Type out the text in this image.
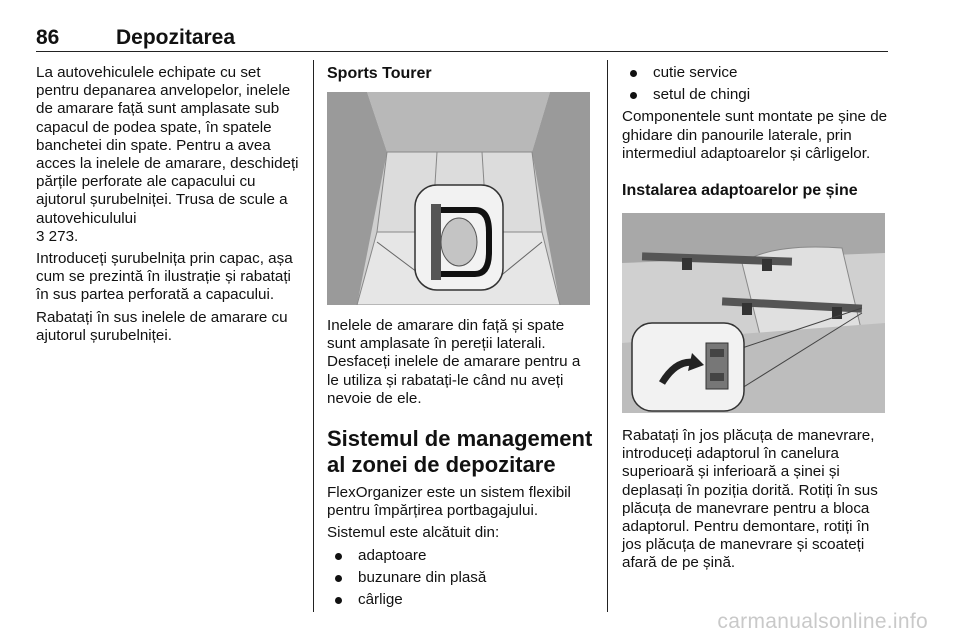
86	Depozitarea

La autovehiculele echipate cu set pentru depanarea anvelopelor, inelele de amarare față sunt amplasate sub capacul de podea spate, în spatele banchetei din spate. Pentru a avea acces la inelele de amarare, deschideți părțile perforate ale capacului cu ajutorul șurubelniței. Trusa de scule a autovehiculului
3 273.

Introduceți șurubelnița prin capac, așa cum se prezintă în ilustrație și rabatați în sus partea perforată a capacului.

Rabatați în sus inelele de amarare cu ajutorul șurubelniței.

Sports Tourer

Inelele de amarare din față și spate sunt amplasate în pereții laterali. Desfaceți inelele de amarare pentru a le utiliza și rabatați-le când nu aveți nevoie de ele.

Sistemul de management al zonei de depozitare

FlexOrganizer este un sistem flexibil pentru împărțirea portbagajului.

Sistemul este alcătuit din:

adaptoare
buzunare din plasă
cârlige
cutie service
setul de chingi

Componentele sunt montate pe șine de ghidare din panourile laterale, prin intermediul adaptoarelor și cârligelor.

Instalarea adaptoarelor pe șine

Rabatați în jos plăcuța de manevrare, introduceți adaptorul în canelura superioară și inferioară a șinei și deplasați în poziția dorită. Rotiți în sus plăcuța de manevrare pentru a bloca adaptorul. Pentru demontare, rotiți în jos plăcuța de manevrare și scoateți afară de pe șină.

carmanualsonline.info
